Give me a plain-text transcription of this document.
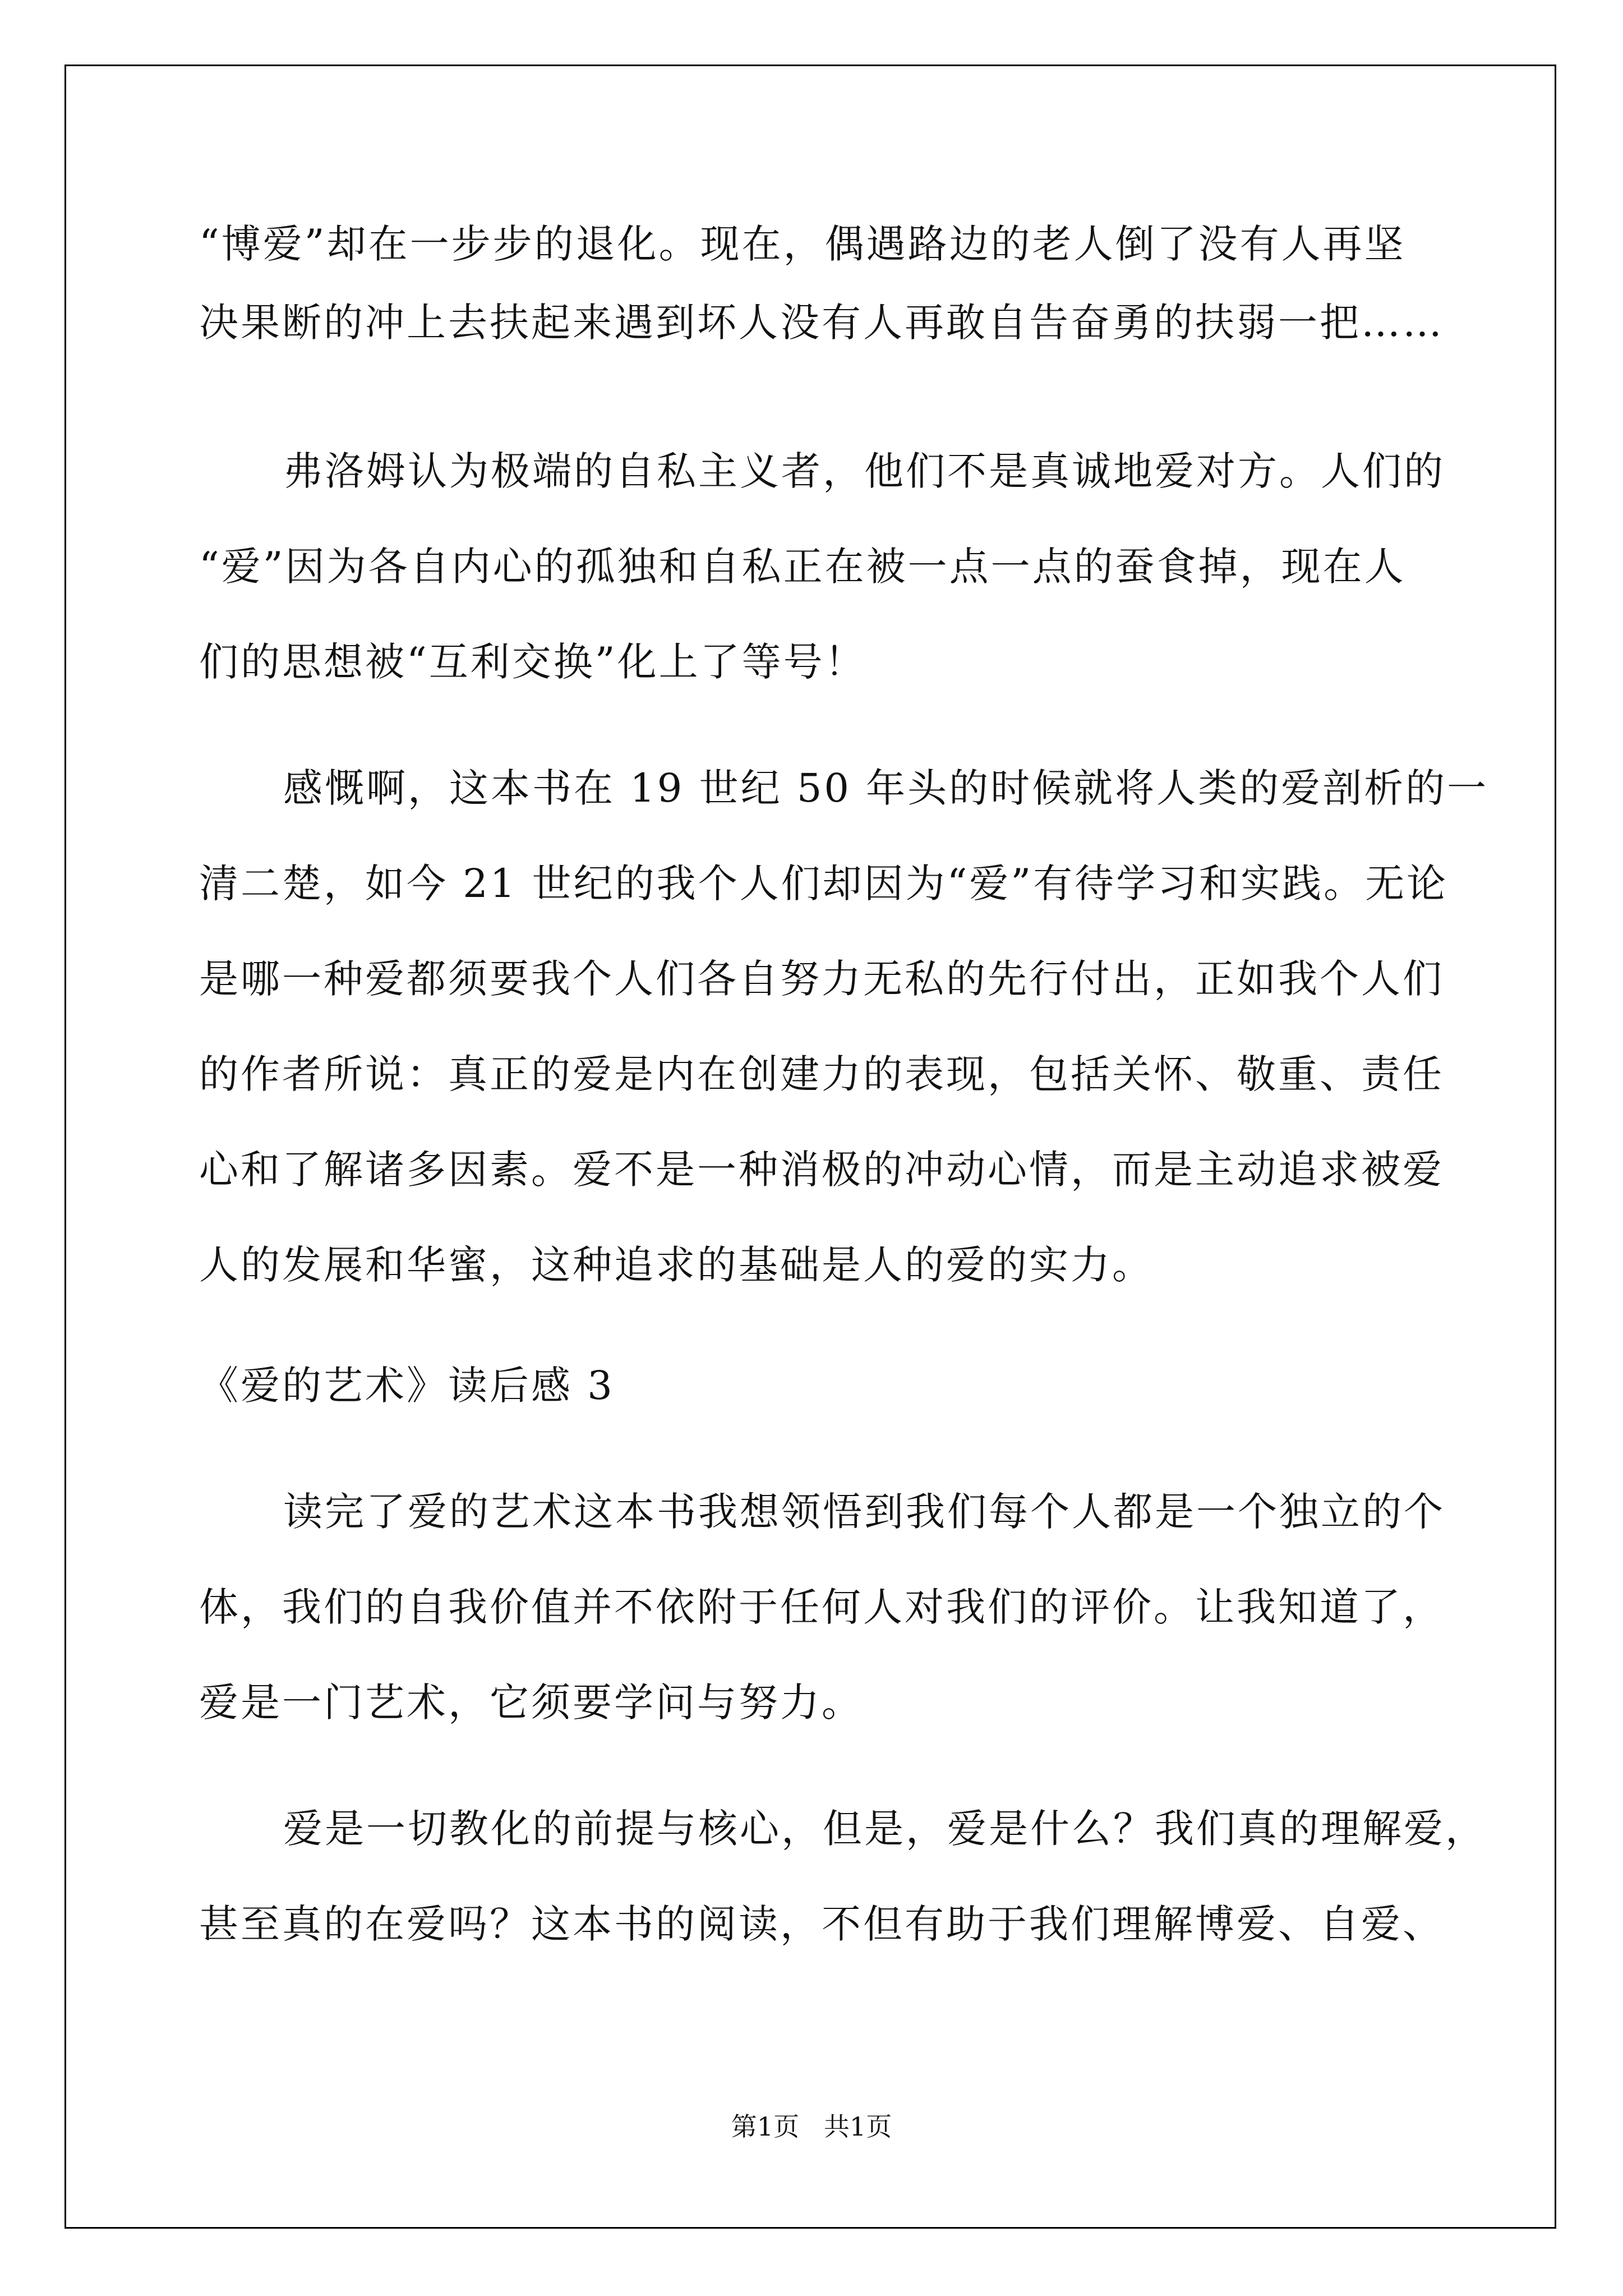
“博爱”却在一步步的退化。现在，偶遇路边的老人倒了没有人再坚
决果断的冲上去扶起来遇到坏人没有人再敢自告奋勇的扶弱一把……
弗洛姆认为极端的自私主义者，他们不是真诚地爱对方。人们的
“爱”因为各自内心的孤独和自私正在被一点一点的蚕食掉，现在人
们的思想被“互利交换”化上了等号！
感慨啊，这本书在 19 世纪 50 年头的时候就将人类的爱剖析的一
清二楚，如今 21 世纪的我个人们却因为“爱”有待学习和实践。无论
是哪一种爱都须要我个人们各自努力无私的先行付出，正如我个人们
的作者所说：真正的爱是内在创建力的表现，包括关怀、敬重、责任
心和了解诸多因素。爱不是一种消极的冲动心情，而是主动追求被爱
人的发展和华蜜，这种追求的基础是人的爱的实力。
《爱的艺术》读后感 3
读完了爱的艺术这本书我想领悟到我们每个人都是一个独立的个
体，我们的自我价值并不依附于任何人对我们的评价。让我知道了，
爱是一门艺术，它须要学问与努力。
爱是一切教化的前提与核心，但是，爱是什么？我们真的理解爱，
甚至真的在爱吗？这本书的阅读，不但有助于我们理解博爱、自爱、
第1页   共1页
